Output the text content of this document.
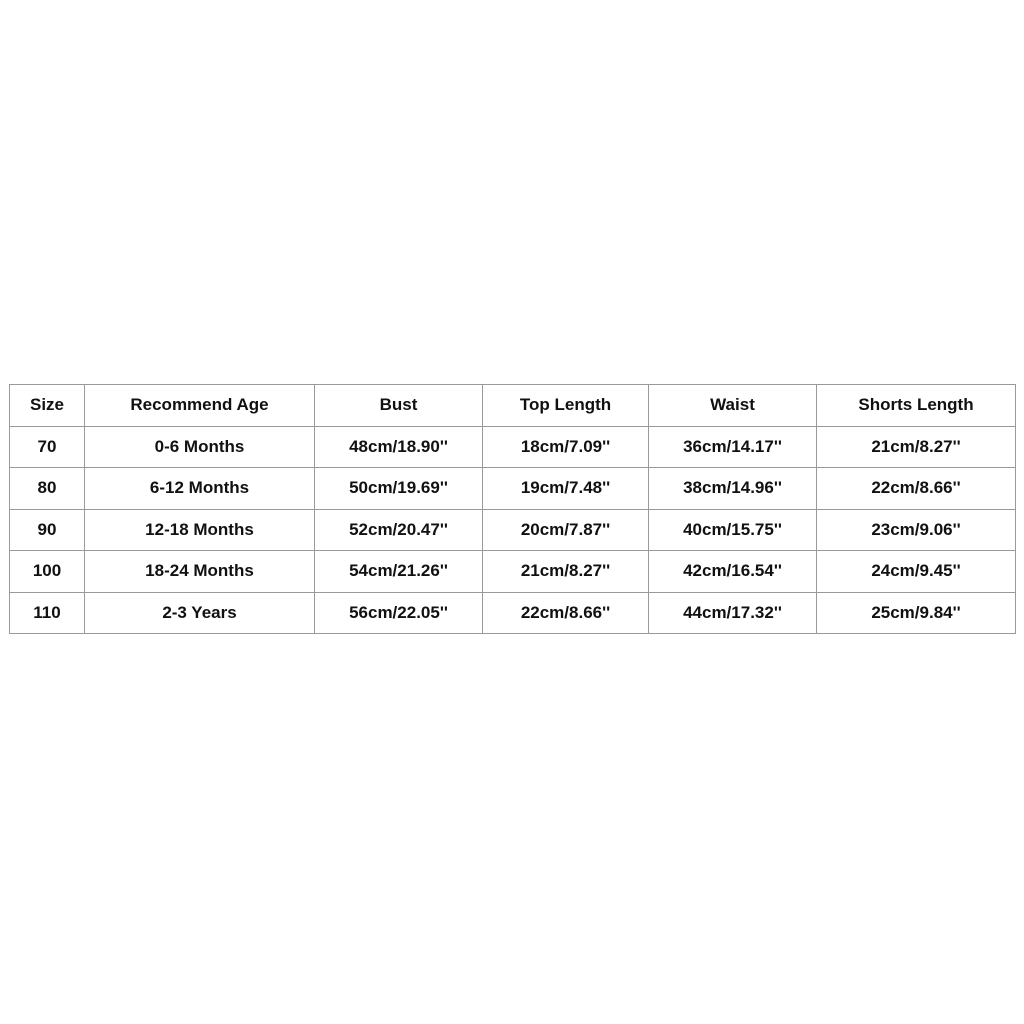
Size	Recommend Age	Bust	Top Length	Waist	Shorts Length
70	0-6 Months	48cm/18.90''	18cm/7.09''	36cm/14.17''	21cm/8.27''
80	6-12 Months	50cm/19.69''	19cm/7.48''	38cm/14.96''	22cm/8.66''
90	12-18 Months	52cm/20.47''	20cm/7.87''	40cm/15.75''	23cm/9.06''
100	18-24 Months	54cm/21.26''	21cm/8.27''	42cm/16.54''	24cm/9.45''
110	2-3 Years	56cm/22.05''	22cm/8.66''	44cm/17.32''	25cm/9.84''
